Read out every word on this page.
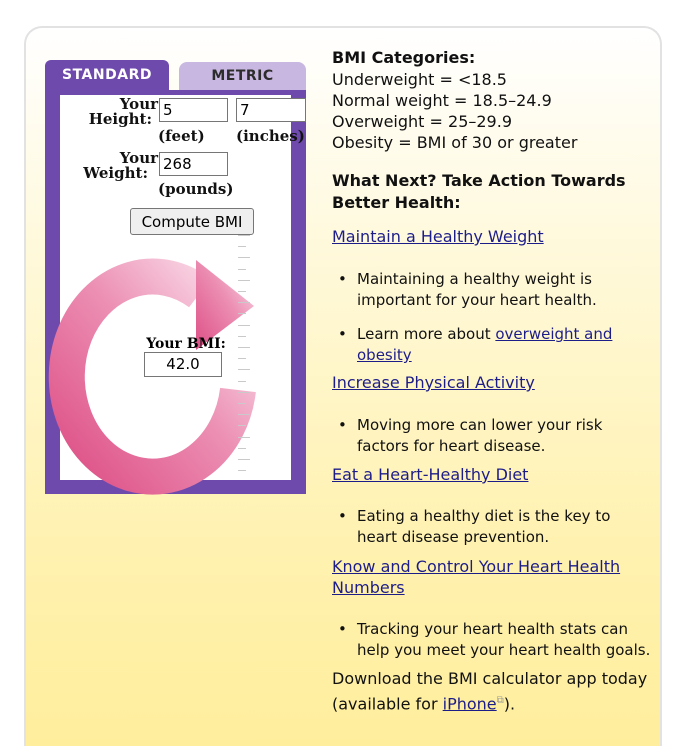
STANDARD	METRIC
Your
Height:
5
7
(feet) (inches)
Your
Weight:
268
(pounds)
Compute BMI
Your BMI:
42.0
BMI Categories:
Underweight = <18.5
Normal weight = 18.5–24.9
Overweight = 25–29.9
Obesity = BMI of 30 or greater
What Next? Take Action Towards
Better Health:
Maintain a Healthy Weight
• Maintaining a healthy weight is
important for your heart health.
• Learn more about overweight and
obesity
Increase Physical Activity
• Moving more can lower your risk
factors for heart disease.
Eat a Heart-Healthy Diet
• Eating a healthy diet is the key to
heart disease prevention.
Know and Control Your Heart Health
Numbers
• Tracking your heart health stats can
help you meet your heart health goals.
Download the BMI calculator app today
(available for iPhone⧉).
